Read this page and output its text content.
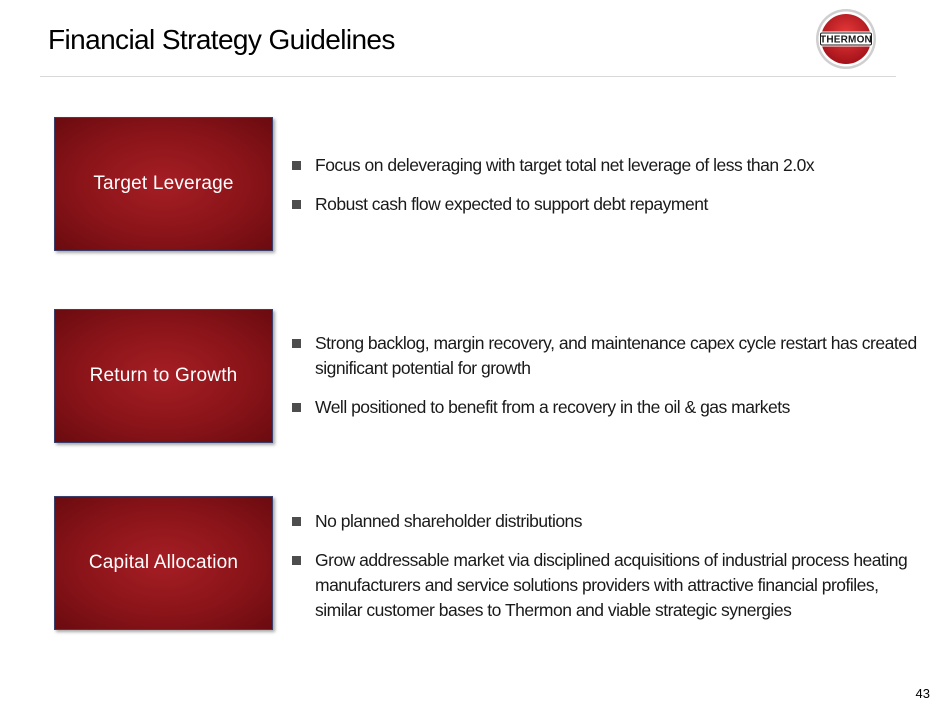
Financial Strategy Guidelines	THERMON
Target Leverage
Focus on deleveraging with target total net leverage of less than 2.0x
Robust cash flow expected to support debt repayment
Return to Growth
Strong backlog, margin recovery, and maintenance capex cycle restart has created significant potential for growth
Well positioned to benefit from a recovery in the oil & gas markets
Capital Allocation
No planned shareholder distributions
Grow addressable market via disciplined acquisitions of industrial process heating manufacturers and service solutions providers with attractive financial profiles, similar customer bases to Thermon and viable strategic synergies
43
